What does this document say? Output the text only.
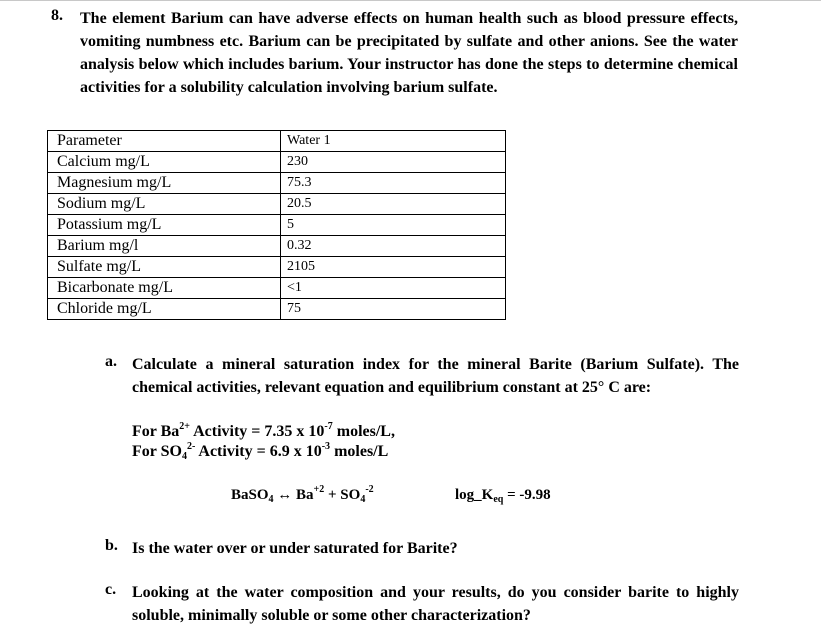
8. The element Barium can have adverse effects on human health such as blood pressure effects, vomiting numbness etc. Barium can be precipitated by sulfate and other anions. See the water analysis below which includes barium. Your instructor has done the steps to determine chemical activities for a solubility calculation involving barium sulfate.
Parameter	Water 1
Calcium mg/L	230
Magnesium mg/L	75.3
Sodium mg/L	20.5
Potassium mg/L	5
Barium mg/l	0.32
Sulfate mg/L	2105
Bicarbonate mg/L	<1
Chloride mg/L	75
a. Calculate a mineral saturation index for the mineral Barite (Barium Sulfate). The chemical activities, relevant equation and equilibrium constant at 25° C are:
For $Ba^{2+}$ Activity = 7.35 x $10^{-7}$ moles/L,
For $SO_4^{2-}$ Activity = 6.9 x $10^{-3}$ moles/L
BaSO$_4$ ↔ $Ba^{+2} + SO_4^{-2}$	$\log\_K_{eq} = -9.98$
b. Is the water over or under saturated for Barite?
c. Looking at the water composition and your results, do you consider barite to highly soluble, minimally soluble or some other characterization?
